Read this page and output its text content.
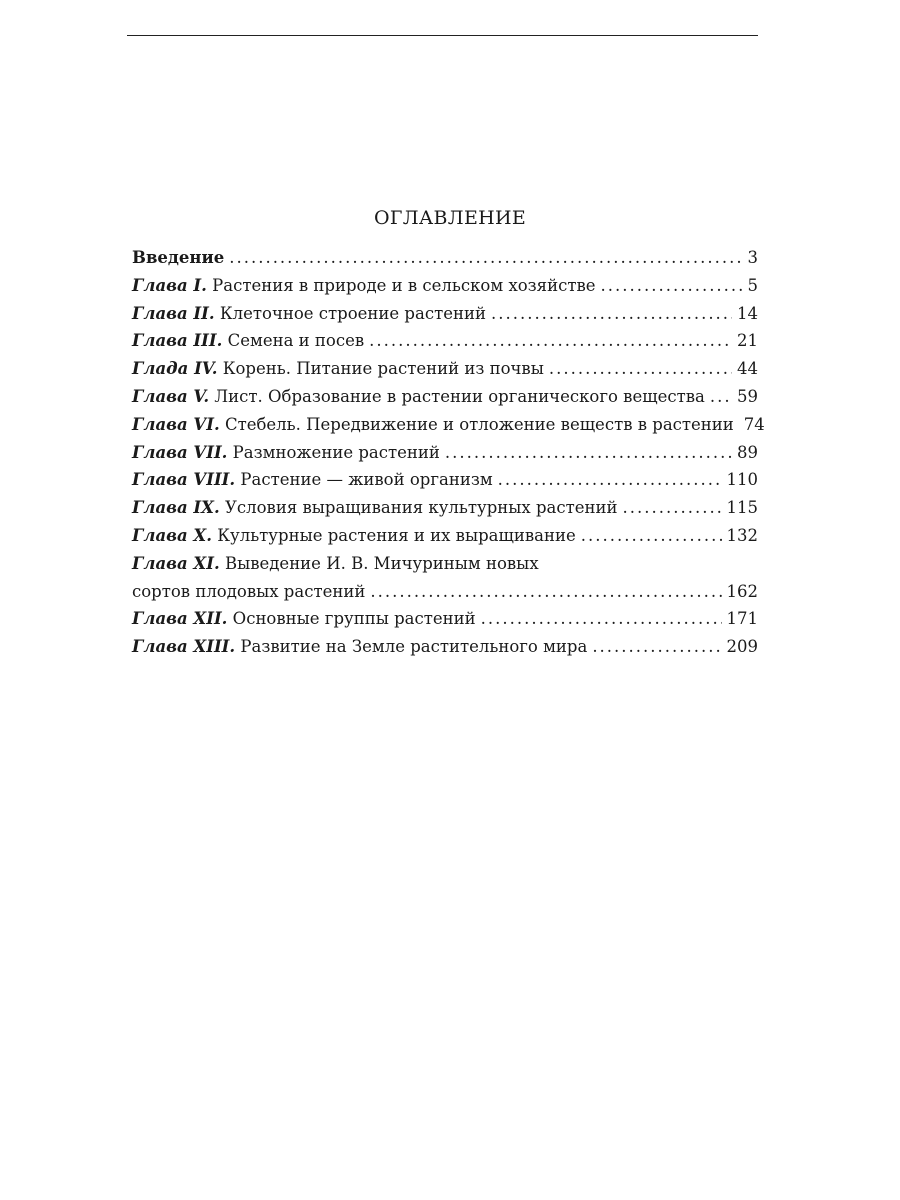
ОГЛАВЛЕНИЕ
Введение .....	3
Глава I. Растения в природе и в сельском хозяйстве .....	5
Глава II. Клеточное строение растений .....	14
Глава III. Семена и посев .....	21
Глада IV. Корень. Питание растений из почвы .....	44
Глава V. Лист. Образование в растении органического вещества ..... 59
Глава VI. Стебель. Передвижение и отложение веществ в растении 74
Глава VII. Размножение растений .....	89
Глава VIII. Растение — живой организм .....	110
Глава IX. Условия выращивания культурных растений .....	115
Глава X. Культурные растения и их выращивание .....	132
Глава XI. Выведение И. В. Мичуриным новых
сортов плодовых растений .....	162
Глава XII. Основные группы растений .....	171
Глава XIII. Развитие на Земле растительного мира .....	209
